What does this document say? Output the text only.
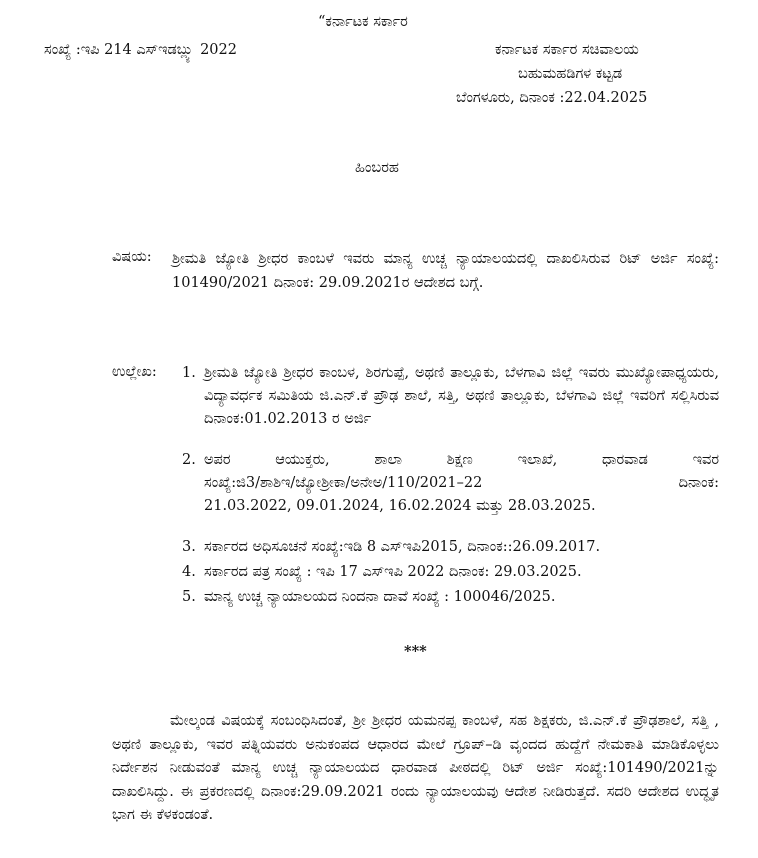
“ಕರ್ನಾಟಕ ಸರ್ಕಾರ
ಸಂಖ್ಯೆ :ಇಪಿ 214 ಎಸ್‌ಇಡಬ್ಲ್ಯು 2022	ಕರ್ನಾಟಕ ಸರ್ಕಾರ ಸಚಿವಾಲಯ
ಬಹುಮಹಡಿಗಳ ಕಟ್ಟಡ
ಬೆಂಗಳೂರು, ದಿನಾಂಕ :22.04.2025
ಹಿಂಬರಹ
ವಿಷಯ: ಶ್ರೀಮತಿ ಜ್ಯೋತಿ ಶ್ರೀಧರ ಕಾಂಬಳೆ ಇವರು ಮಾನ್ಯ ಉಚ್ಚ ನ್ಯಾಯಾಲಯದಲ್ಲಿ ದಾಖಲಿಸಿರುವ ರಿಟ್ ಅರ್ಜಿ ಸಂಖ್ಯೆ: 101490/2021 ದಿನಾಂಕ: 29.09.2021ರ ಆದೇಶದ ಬಗ್ಗೆ.
ಉಲ್ಲೇಖ: 1. ಶ್ರೀಮತಿ ಜ್ಯೋತಿ ಶ್ರೀಧರ ಕಾಂಬಳ, ಶಿರಗುಪ್ಪೆ, ಅಥಣಿ ತಾಲ್ಲೂಕು, ಬೆಳಗಾವಿ ಜಿಲ್ಲೆ ಇವರು ಮುಖ್ಯೋಪಾಧ್ಯಯರು, ವಿದ್ಯಾವರ್ಧಕ ಸಮಿತಿಯ ಜಿ.ಎನ್.ಕೆ ಪ್ರೌಢ ಶಾಲೆ, ಸತ್ತಿ, ಅಥಣಿ ತಾಲ್ಲೂಕು, ಬೆಳಗಾವಿ ಜಿಲ್ಲೆ ಇವರಿಗೆ ಸಲ್ಲಿಸಿರುವ ದಿನಾಂಕ:01.02.2013 ರ ಅರ್ಜಿ
2. ಅಪರ ಆಯುಕ್ತರು, ಶಾಲಾ ಶಿಕ್ಷಣ ಇಲಾಖೆ, ಧಾರವಾಡ ಇವರ
ಸಂಖ್ಯೆ:ಜಿ3/ಶಾಶಿಇ/ಜ್ಯೋಶ್ರೀಕಾ/ಅನೇಅ/110/2021–22	ದಿನಾಂಕ:
21.03.2022, 09.01.2024, 16.02.2024 ಮತ್ತು 28.03.2025.
3. ಸರ್ಕಾರದ ಅಧಿಸೂಚನೆ ಸಂಖ್ಯೆ:ಇಡಿ 8 ಎಸ್‌ಇಪಿ2015, ದಿನಾಂಕ::26.09.2017.
4. ಸರ್ಕಾರದ ಪತ್ರ ಸಂಖ್ಯೆ : ಇಪಿ 17 ಎಸ್‌ಇಪಿ 2022 ದಿನಾಂಕ: 29.03.2025.
5. ಮಾನ್ಯ ಉಚ್ಚ ನ್ಯಾಯಾಲಯದ ನಿಂದನಾ ದಾವೆ ಸಂಖ್ಯೆ : 100046/2025.
***

ಮೇಲ್ಕಂಡ ವಿಷಯಕ್ಕೆ ಸಂಬಂಧಿಸಿದಂತೆ, ಶ್ರೀ ಶ್ರೀಧರ ಯಮನಪ್ಪ ಕಾಂಬಳೆ, ಸಹ ಶಿಕ್ಷಕರು, ಜಿ.ಎನ್.ಕೆ ಪ್ರೌಢಶಾಲೆ, ಸತ್ತಿ , ಅಥಣಿ ತಾಲ್ಲೂಕು, ಇವರ ಪತ್ನಿಯವರು ಅನುಕಂಪದ ಆಧಾರದ ಮೇಲೆ ಗ್ರೂಪ್–ಡಿ ವೃಂದದ ಹುದ್ದೆಗೆ ನೇಮಕಾತಿ ಮಾಡಿಕೊಳ್ಳಲು ನಿರ್ದೇಶನ ನೀಡುವಂತೆ ಮಾನ್ಯ ಉಚ್ಚ ನ್ಯಾಯಾಲಯದ ಧಾರವಾಡ ಪೀಠದಲ್ಲಿ ರಿಟ್ ಅರ್ಜಿ ಸಂಖ್ಯೆ:101490/2021ನ್ನು ದಾಖಲಿಸಿದ್ದು. ಈ ಪ್ರಕರಣದಲ್ಲಿ ದಿನಾಂಕ:29.09.2021 ರಂದು ನ್ಯಾಯಾಲಯವು ಆದೇಶ ನೀಡಿರುತ್ತದೆ. ಸದರಿ ಆದೇಶದ ಉದ್ಧೃತ ಭಾಗ ಈ ಕೆಳಕಂಡಂತೆ.
